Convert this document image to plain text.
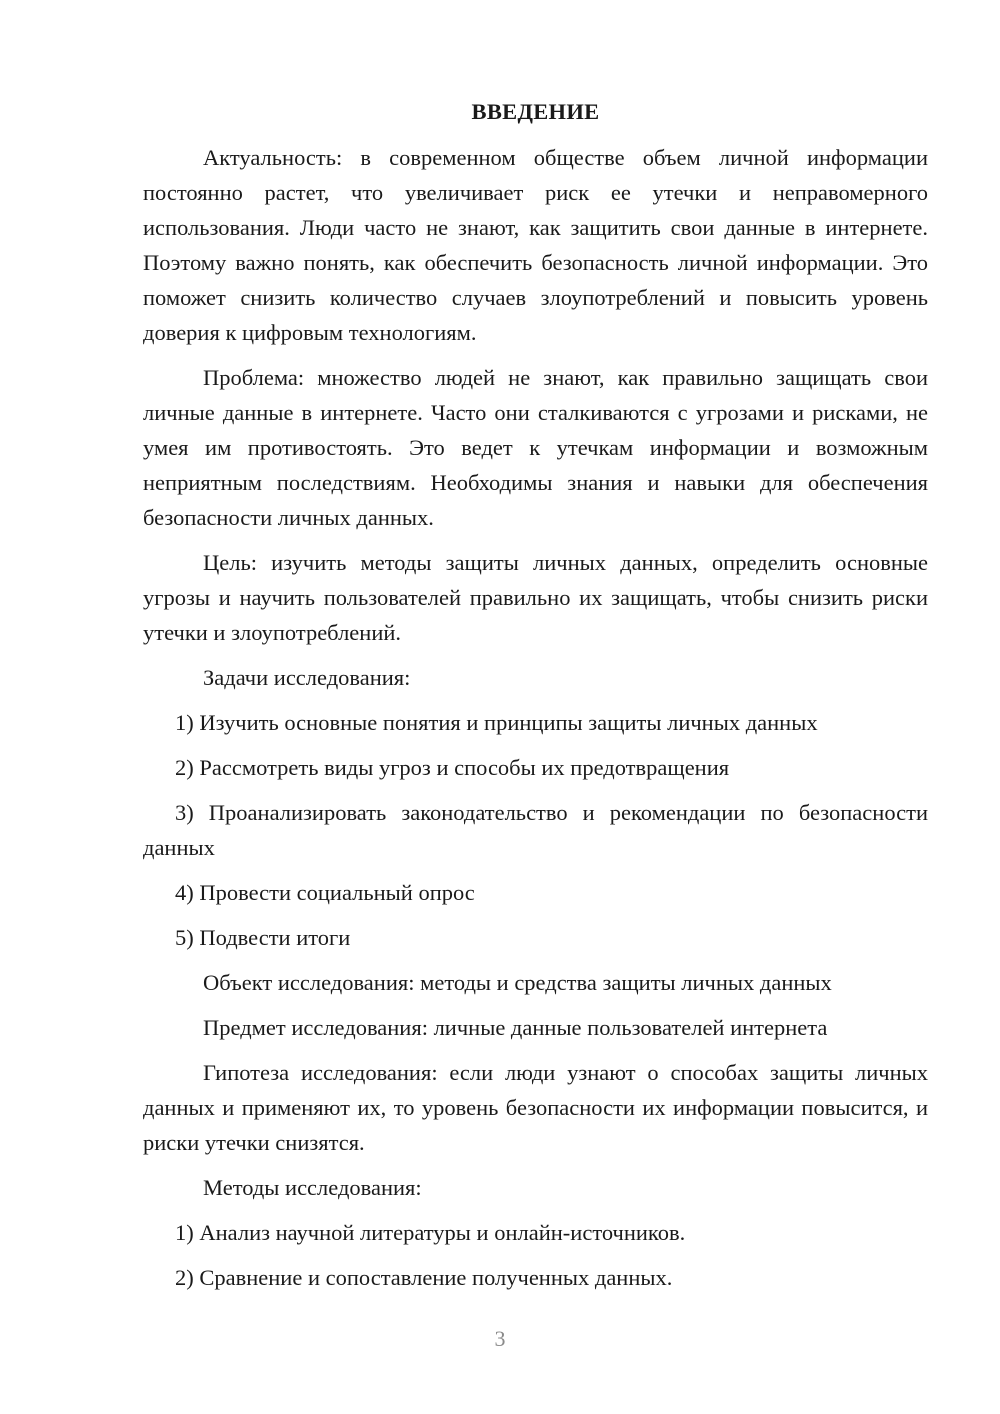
ВВЕДЕНИЕ

Актуальность: в современном обществе объем личной информации постоянно растет, что увеличивает риск ее утечки и неправомерного использования. Люди часто не знают, как защитить свои данные в интернете. Поэтому важно понять, как обеспечить безопасность личной информации. Это поможет снизить количество случаев злоупотреблений и повысить уровень доверия к цифровым технологиям.

Проблема: множество людей не знают, как правильно защищать свои личные данные в интернете. Часто они сталкиваются с угрозами и рисками, не умея им противостоять. Это ведет к утечкам информации и возможным неприятным последствиям. Необходимы знания и навыки для обеспечения безопасности личных данных.

Цель: изучить методы защиты личных данных, определить основные угрозы и научить пользователей правильно их защищать, чтобы снизить риски утечки и злоупотреблений.

Задачи исследования:

1) Изучить основные понятия и принципы защиты личных данных

2) Рассмотреть виды угроз и способы их предотвращения

3) Проанализировать законодательство и рекомендации по безопасности данных

4) Провести социальный опрос

5) Подвести итоги

Объект исследования: методы и средства защиты личных данных

Предмет исследования: личные данные пользователей интернета

Гипотеза исследования: если люди узнают о способах защиты личных данных и применяют их, то уровень безопасности их информации повысится, и риски утечки снизятся.

Методы исследования:

1) Анализ научной литературы и онлайн-источников.

2) Сравнение и сопоставление полученных данных.

3
